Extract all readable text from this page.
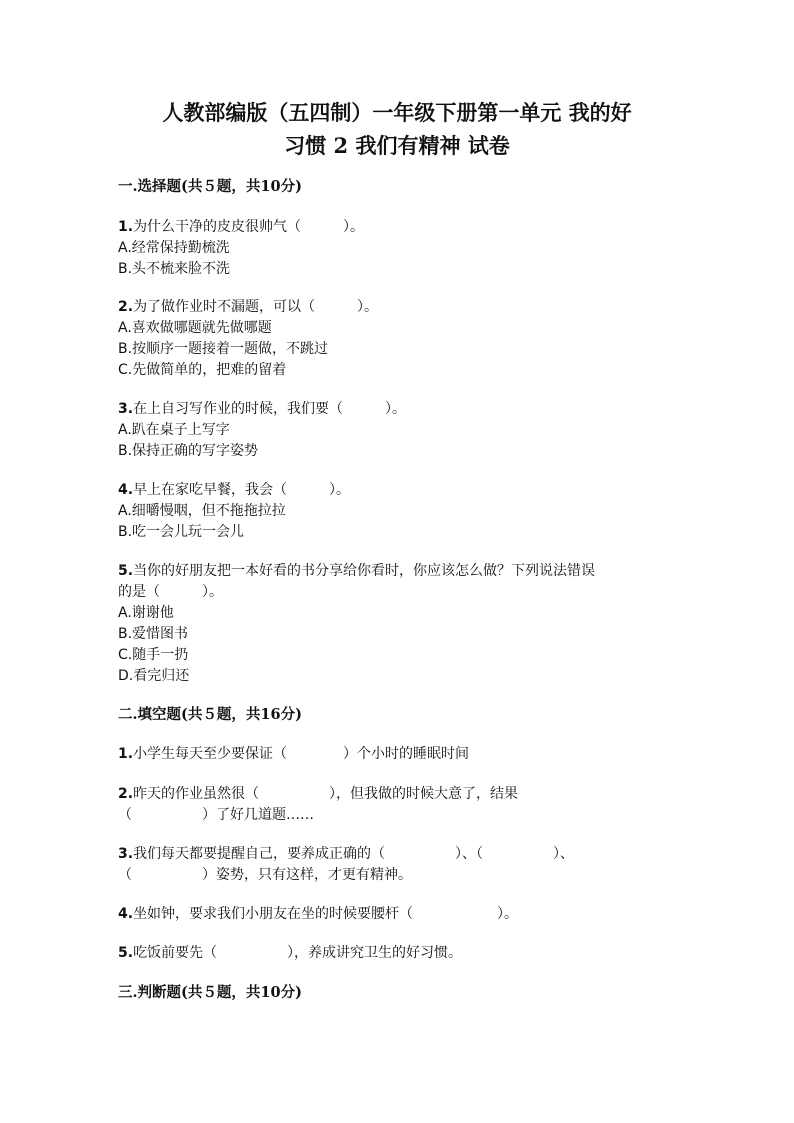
人教部编版（五四制）一年级下册第一单元 我的好
习惯 2 我们有精神 试卷
一.选择题(共５题，共10分)
1.为什么干净的皮皮很帅气（　　　）。
A.经常保持勤梳洗
B.头不梳来脸不洗
2.为了做作业时不漏题，可以（　　　）。
A.喜欢做哪题就先做哪题
B.按顺序一题接着一题做，不跳过
C.先做简单的，把难的留着
3.在上自习写作业的时候，我们要（　　　）。
A.趴在桌子上写字
B.保持正确的写字姿势
4.早上在家吃早餐，我会（　　　）。
A.细嚼慢咽，但不拖拖拉拉
B.吃一会儿玩一会儿
5.当你的好朋友把一本好看的书分享给你看时，你应该怎么做？下列说法错误
的是（　　　）。
A.谢谢他
B.爱惜图书
C.随手一扔
D.看完归还
二.填空题(共５题，共16分)
1.小学生每天至少要保证（　　　　）个小时的睡眠时间
2.昨天的作业虽然很（　　　　　），但我做的时候大意了，结果
（　　　　　）了好几道题……
3.我们每天都要提醒自己，要养成正确的（　　　　　）、（　　　　　）、
（　　　　　）姿势，只有这样，才更有精神。
4.坐如钟，要求我们小朋友在坐的时候要腰杆（　　　　　　）。
5.吃饭前要先（　　　　　），养成讲究卫生的好习惯。
三.判断题(共５题，共10分)
